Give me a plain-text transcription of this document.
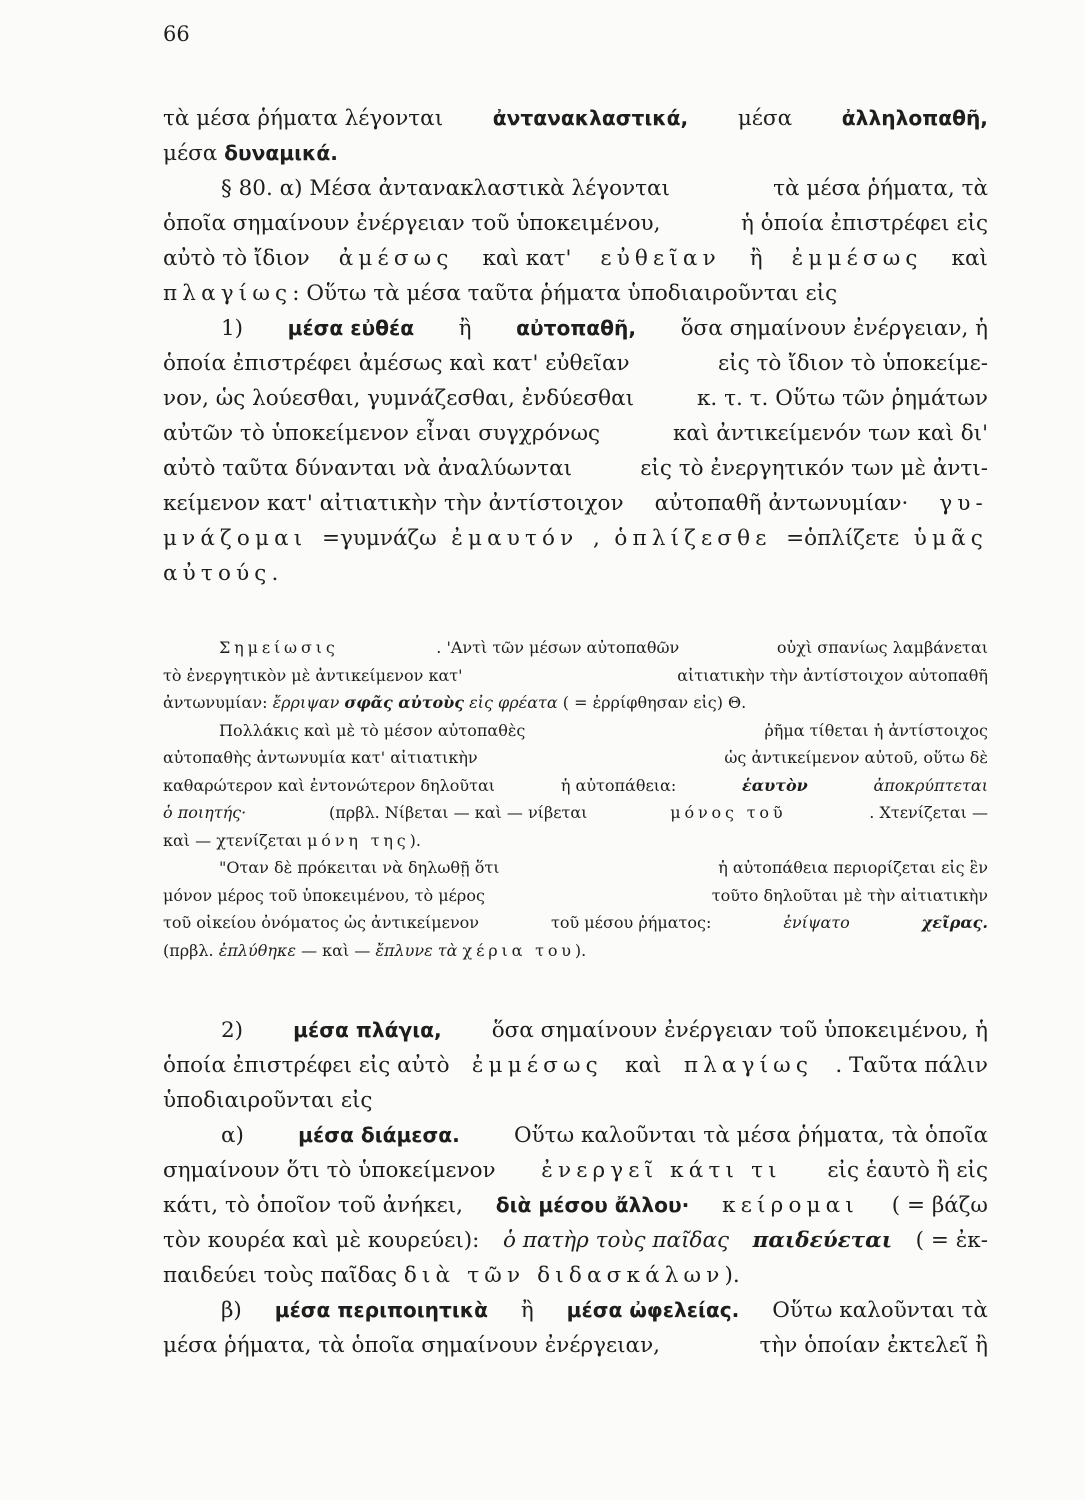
66
τὰ μέσα ῥήματα λέγονται ἀντανακλαστικά, μέσα ἀλληλοπαθῆ,
μέσα δυναμικά.
§ 80. α) Μέσα ἀντανακλαστικὰ λέγονται	τὰ μέσα ῥήματα, τὰ
ὁποῖα σημαίνουν ἐνέργειαν τοῦ ὑποκειμένου,	ἡ ὁποία ἐπιστρέφει εἰς
αὐτὸ τὸ ἴδιον ἀμέσως καὶ κατ' εὐθεῖαν ἢ ἐμμέσως καὶ
πλαγίως: Οὕτω τὰ μέσα ταῦτα ῥήματα ὑποδιαιροῦνται εἰς
1) μέσα εὐθέα ἢ αὐτοπαθῆ, ὅσα σημαίνουν ἐνέργειαν, ἡ
ὁποία ἐπιστρέφει ἀμέσως καὶ κατ' εὐθεῖαν	εἰς τὸ ἴδιον τὸ ὑποκείμε-
νον, ὡς λούεσθαι, γυμνάζεσθαι, ἐνδύεσθαι	κ. τ. τ. Οὕτω τῶν ῥημάτων
αὐτῶν τὸ ὑποκείμενον εἶναι συγχρόνως	καὶ ἀντικείμενόν των καὶ δι'
αὐτὸ ταῦτα δύνανται νὰ ἀναλύωνται	εἰς τὸ ἐνεργητικόν των μὲ ἀντι-
κείμενον κατ' αἰτιατικὴν τὴν ἀντίστοιχον αὐτοπαθῆ ἀντωνυμίαν· γυ-
μνάζομαι =γυμνάζω ἐμαυτόν , ὁπλίζεσθε =ὁπλίζετε ὑμᾶς
αὐτούς.
Σημείωσις	. 'Αντὶ τῶν μέσων αὐτοπαθῶν	οὐχὶ σπανίως λαμβάνεται
τὸ ἐνεργητικὸν μὲ ἀντικείμενον κατ'	αἰτιατικὴν τὴν ἀντίστοιχον αὐτοπαθῆ
ἀντωνυμίαν: ἔρριψαν σφᾶς αὐτοὺς εἰς φρέατα ( = ἐρρίφθησαν εἰς) Θ.
Πολλάκις καὶ μὲ τὸ μέσον αὐτοπαθὲς	ῥῆμα τίθεται ἡ ἀντίστοιχος
αὐτοπαθὴς ἀντωνυμία κατ' αἰτιατικὴν	ὡς ἀντικείμενον αὐτοῦ, οὕτω δὲ
καθαρώτερον καὶ ἐντονώτερον δηλοῦται	ἡ αὐτοπάθεια:	ἑαυτὸν	ἀποκρύπτεται
ὁ ποιητής·	(πρβλ. Νίβεται — καὶ — νίβεται	μόνος τοῦ	. Χτενίζεται —
καὶ — χτενίζεται μόνη της).
"Οταν δὲ πρόκειται νὰ δηλωθῇ ὅτι	ἡ αὐτοπάθεια περιορίζεται εἰς ἓν
μόνον μέρος τοῦ ὑποκειμένου, τὸ μέρος	τοῦτο δηλοῦται μὲ τὴν αἰτιατικὴν
τοῦ οἰκείου ὀνόματος ὡς ἀντικείμενον	τοῦ μέσου ῥήματος:	ἐνίψατο	χεῖρας.
(πρβλ. ἐπλύθηκε — καὶ — ἔπλυνε τὰ χέρια του).
2) μέσα πλάγια, ὅσα σημαίνουν ἐνέργειαν τοῦ ὑποκειμένου, ἡ
ὁποία ἐπιστρέφει εἰς αὐτὸ ἐμμέσως καὶ πλαγίως . Ταῦτα πάλιν
ὑποδιαιροῦνται εἰς
α)	μέσα διάμεσα.	Οὕτω καλοῦνται τὰ μέσα ῥήματα, τὰ ὁποῖα
σημαίνουν ὅτι τὸ ὑποκείμενον ἐνεργεῖ κάτι τι εἰς ἑαυτὸ ἢ εἰς
κάτι, τὸ ὁποῖον τοῦ ἀνήκει, διὰ μέσου ἄλλου· κείρομαι ( = βάζω
τὸν κουρέα καὶ μὲ κουρεύει): ὁ πατὴρ τοὺς παῖδας παιδεύεται ( = ἐκ-
παιδεύει τοὺς παῖδας διὰ τῶν διδασκάλων).
β) μέσα περιποιητικὰ ἢ μέσα ὠφελείας. Οὕτω καλοῦνται τὰ
μέσα ῥήματα, τὰ ὁποῖα σημαίνουν ἐνέργειαν,	τὴν ὁποίαν ἐκτελεῖ ἢ
